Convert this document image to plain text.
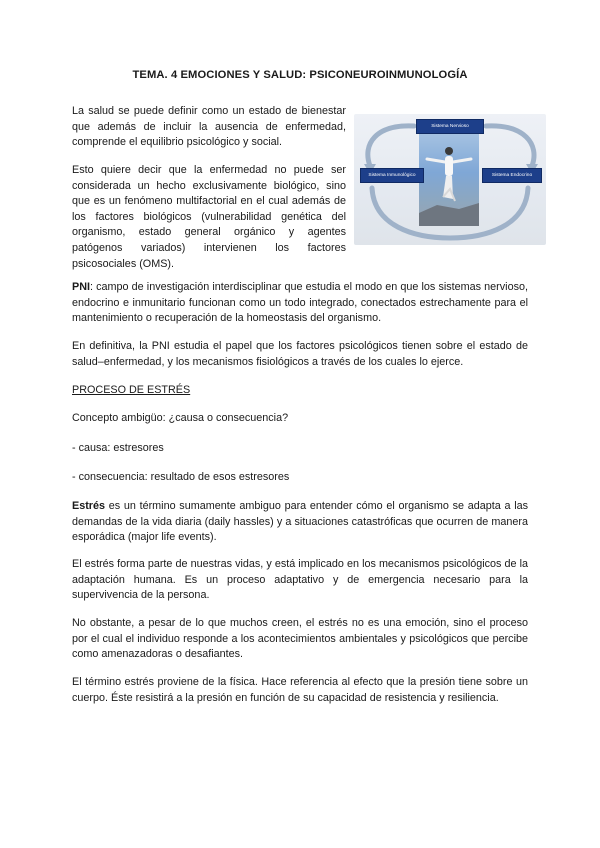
TEMA. 4 EMOCIONES Y SALUD: PSICONEUROINMUNOLOGÍA

La salud se puede definir como un estado de bienestar que además de incluir la ausencia de enfermedad, comprende el equilibrio psicológico y social.

Esto quiere decir que la enfermedad no puede ser considerada un hecho exclusivamente biológico, sino que es un fenómeno multifactorial en el cual además de los factores biológicos (vulnerabilidad genética del organismo, estado general orgánico y agentes patógenos variados) intervienen los factores psicosociales (OMS).

Sistema Nervioso
Sistema Inmunológico	Sistema Endocrino

PNI: campo de investigación interdisciplinar que estudia el modo en que los sistemas nervioso, endocrino e inmunitario funcionan como un todo integrado, conectados estrechamente para el mantenimiento o recuperación de la homeostasis del organismo.

En definitiva, la PNI estudia el papel que los factores psicológicos tienen sobre el estado de salud–enfermedad, y los mecanismos fisiológicos a través de los cuales lo ejerce.

PROCESO DE ESTRÉS

Concepto ambigüo: ¿causa o consecuencia?

- causa: estresores

- consecuencia: resultado de esos estresores

Estrés es un término sumamente ambiguo para entender cómo el organismo se adapta a las demandas de la vida diaria (daily hassles) y a situaciones catastróficas que ocurren de manera esporádica (major life events).

El estrés forma parte de nuestras vidas, y está implicado en los mecanismos psicológicos de la adaptación humana. Es un proceso adaptativo y de emergencia necesario para la supervivencia de la persona.

No obstante, a pesar de lo que muchos creen, el estrés no es una emoción, sino el proceso por el cual el individuo responde a los acontecimientos ambientales y psicológicos que percibe como amenazadoras o desafiantes.

El término estrés proviene de la física. Hace referencia al efecto que la presión tiene sobre un cuerpo. Éste resistirá a la presión en función de su capacidad de resistencia y resiliencia.
